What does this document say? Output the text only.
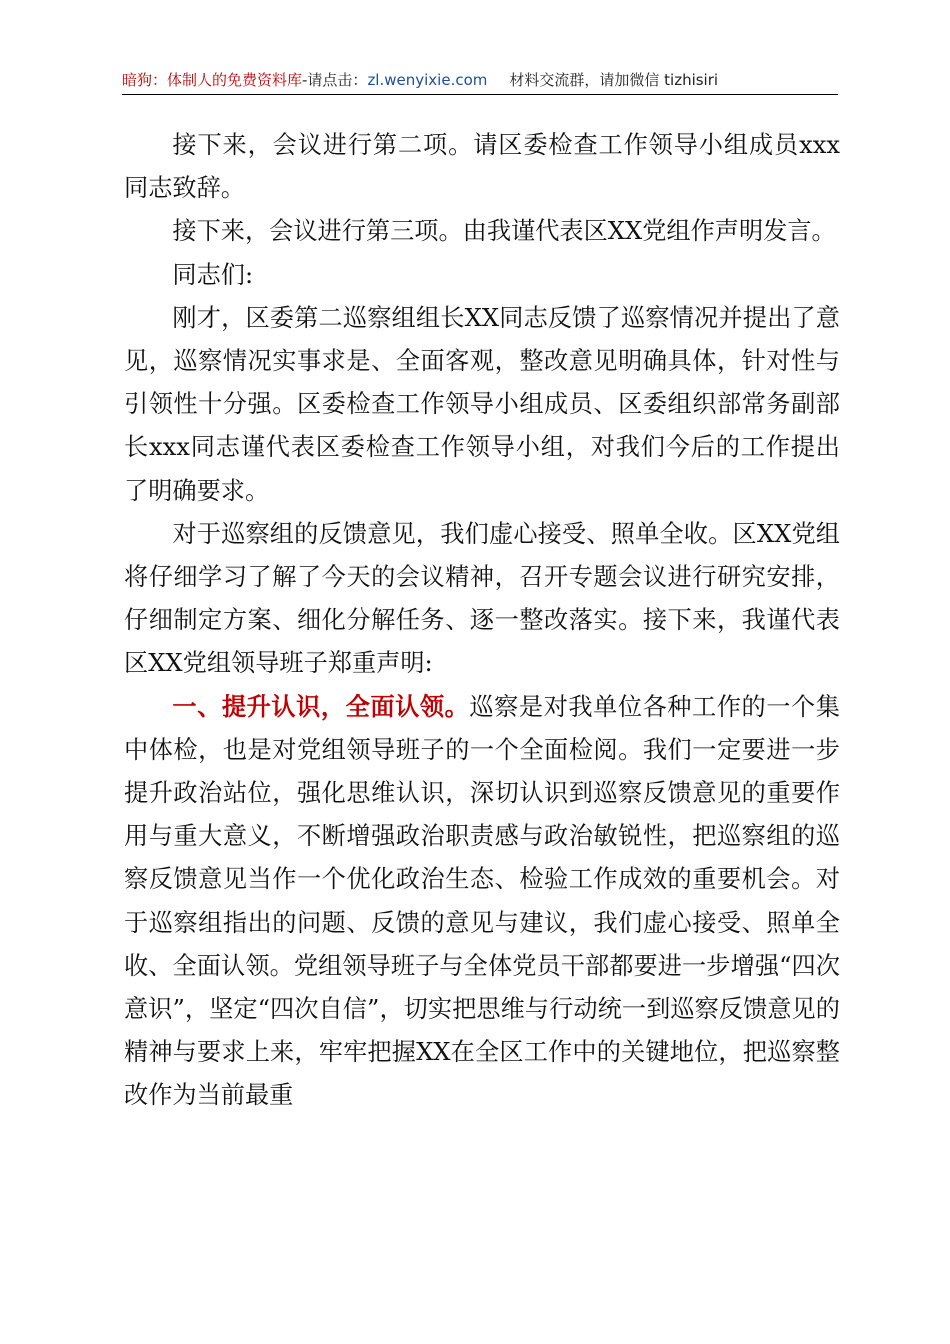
暗狗：体制人的免费资料库-请点击：zl.wenyixie.com 材料交流群，请加微信 tizhisiri

接下来，会议进行第二项。请区委检查工作领导小组成员xxx同志致辞。

接下来，会议进行第三项。由我谨代表区XX党组作声明发言。

同志们:

刚才，区委第二巡察组组长XX同志反馈了巡察情况并提出了意见，巡察情况实事求是、全面客观，整改意见明确具体，针对性与引领性十分强。区委检查工作领导小组成员、区委组织部常务副部长xxx同志谨代表区委检查工作领导小组，对我们今后的工作提出了明确要求。

对于巡察组的反馈意见，我们虚心接受、照单全收。区XX党组将仔细学习了解了今天的会议精神，召开专题会议进行研究安排，仔细制定方案、细化分解任务、逐一整改落实。接下来，我谨代表区XX党组领导班子郑重声明:

一、提升认识，全面认领。巡察是对我单位各种工作的一个集中体检，也是对党组领导班子的一个全面检阅。我们一定要进一步提升政治站位，强化思维认识，深切认识到巡察反馈意见的重要作用与重大意义，不断增强政治职责感与政治敏锐性，把巡察组的巡察反馈意见当作一个优化政治生态、检验工作成效的重要机会。对于巡察组指出的问题、反馈的意见与建议，我们虚心接受、照单全收、全面认领。党组领导班子与全体党员干部都要进一步增强“四次意识”，坚定“四次自信”，切实把思维与行动统一到巡察反馈意见的精神与要求上来，牢牢把握XX在全区工作中的关键地位，把巡察整改作为当前最重
